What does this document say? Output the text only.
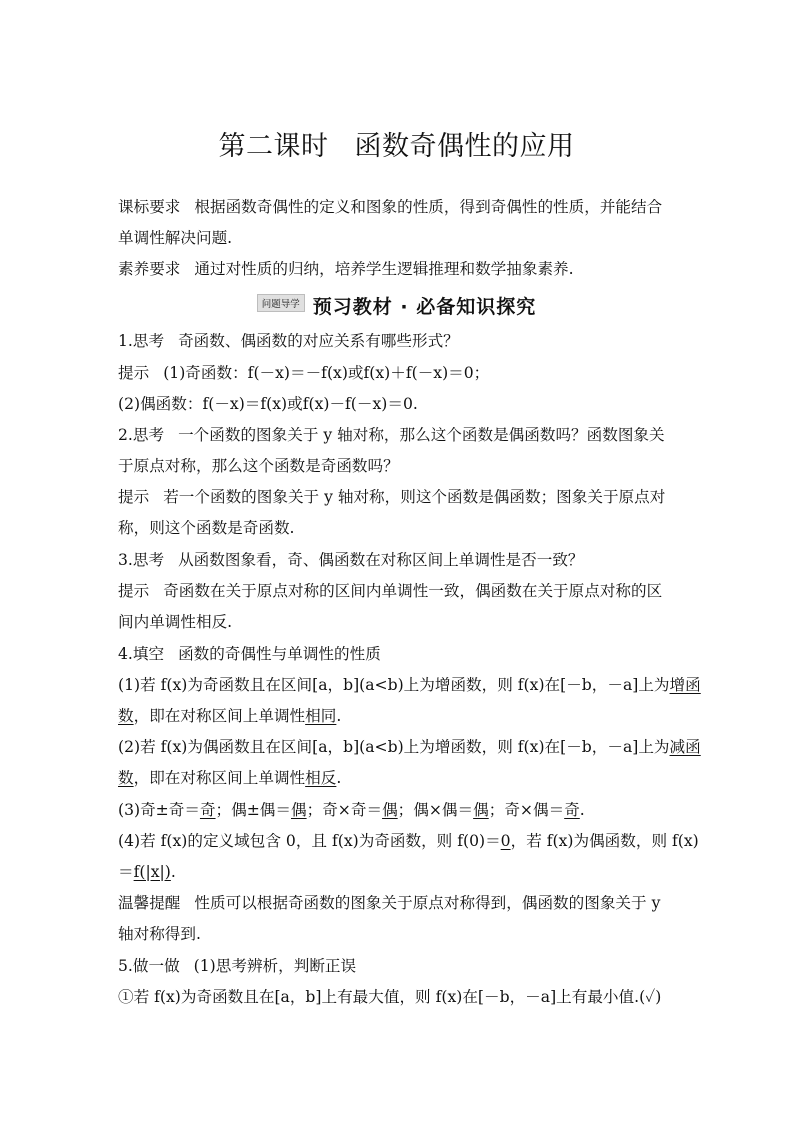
第二课时 函数奇偶性的应用
课标要求 根据函数奇偶性的定义和图象的性质，得到奇偶性的性质，并能结合
单调性解决问题.
素养要求 通过对性质的归纳，培养学生逻辑推理和数学抽象素养.
问题导学 预习教材 · 必备知识探究
1.思考 奇函数、偶函数的对应关系有哪些形式？
提示 (1)奇函数：f(－x)＝－f(x)或f(x)＋f(－x)＝0；
(2)偶函数：f(－x)＝f(x)或f(x)－f(－x)＝0.
2.思考 一个函数的图象关于 y 轴对称，那么这个函数是偶函数吗？函数图象关
于原点对称，那么这个函数是奇函数吗？
提示 若一个函数的图象关于 y 轴对称，则这个函数是偶函数；图象关于原点对
称，则这个函数是奇函数.
3.思考 从函数图象看，奇、偶函数在对称区间上单调性是否一致？
提示 奇函数在关于原点对称的区间内单调性一致，偶函数在关于原点对称的区
间内单调性相反.
4.填空 函数的奇偶性与单调性的性质
(1)若 f(x)为奇函数且在区间[a，b](a<b)上为增函数，则 f(x)在[－b，－a]上为增函
数，即在对称区间上单调性相同.
(2)若 f(x)为偶函数且在区间[a，b](a<b)上为增函数，则 f(x)在[－b，－a]上为减函
数，即在对称区间上单调性相反.
(3)奇±奇＝奇；偶±偶＝偶；奇×奇＝偶；偶×偶＝偶；奇×偶＝奇.
(4)若 f(x)的定义域包含 0，且 f(x)为奇函数，则 f(0)＝0，若 f(x)为偶函数，则 f(x)
＝f(|x|).
温馨提醒 性质可以根据奇函数的图象关于原点对称得到，偶函数的图象关于 y
轴对称得到.
5.做一做 (1)思考辨析，判断正误
①若 f(x)为奇函数且在[a，b]上有最大值，则 f(x)在[－b，－a]上有最小值.(✓)
